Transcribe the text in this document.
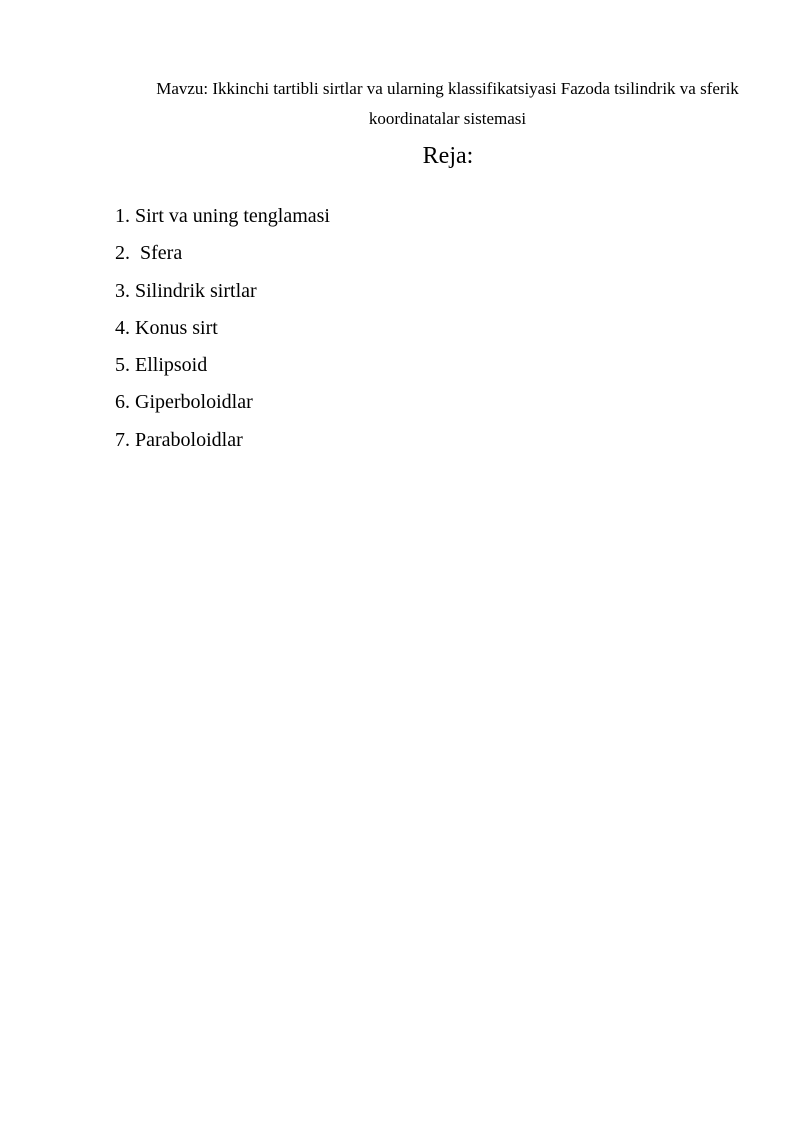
Mavzu: Ikkinchi tartibli sirtlar va ularning klassifikatsiyasi Fazoda tsilindrik va sferik koordinatalar sistemasi

Reja:
1. Sirt va uning tenglamasi
2.  Sfera
3. Silindrik sirtlar
4. Konus sirt
5. Ellipsoid
6. Giperboloidlar
7. Paraboloidlar
